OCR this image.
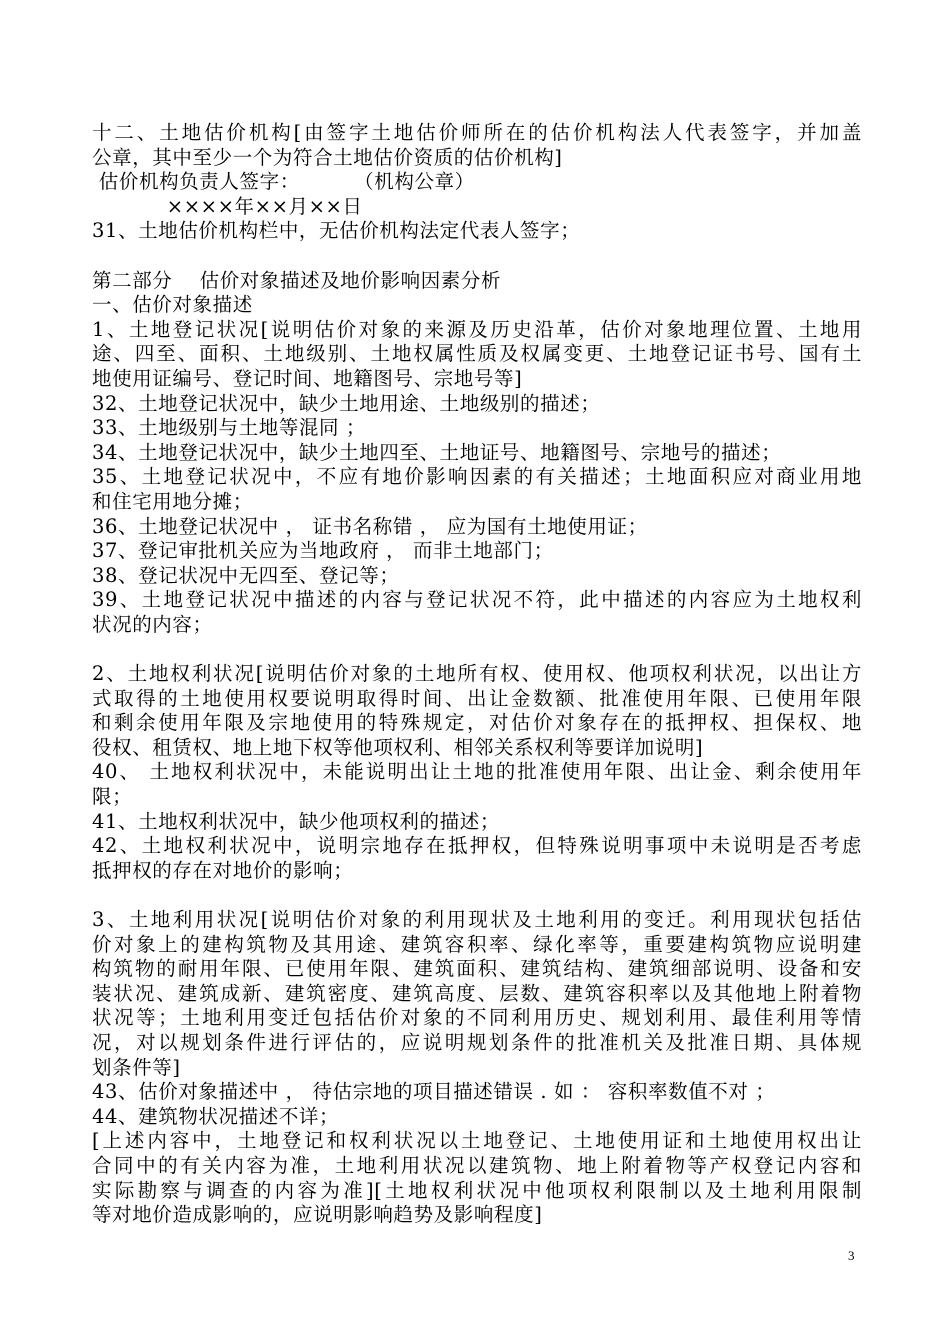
十二、土地估价机构[由签字土地估价师所在的估价机构法人代表签字，并加盖
公章，其中至少一个为符合土地估价资质的估价机构]
估价机构负责人签字：        （机构公章）
××××年××月××日
31、土地估价机构栏中，无估价机构法定代表人签字；
第二部分    估价对象描述及地价影响因素分析
一、估价对象描述
1、土地登记状况[说明估价对象的来源及历史沿革，估价对象地理位置、土地用
途、四至、面积、土地级别、土地权属性质及权属变更、土地登记证书号、国有土
地使用证编号、登记时间、地籍图号、宗地号等]
32、土地登记状况中，缺少土地用途、土地级别的描述；
33、土地级别与土地等混同 ；
34、土地登记状况中，缺少土地四至、土地证号、地籍图号、宗地号的描述；
35、土地登记状况中，不应有地价影响因素的有关描述；土地面积应对商业用地
和住宅用地分摊；
36、土地登记状况中 ， 证书名称错 ， 应为国有土地使用证；
37、登记审批机关应为当地政府 ， 而非土地部门；
38、登记状况中无四至、登记等；
39、土地登记状况中描述的内容与登记状况不符，此中描述的内容应为土地权利
状况的内容；
2、土地权利状况[说明估价对象的土地所有权、使用权、他项权利状况，以出让方
式取得的土地使用权要说明取得时间、出让金数额、批准使用年限、已使用年限
和剩余使用年限及宗地使用的特殊规定，对估价对象存在的抵押权、担保权、地
役权、租赁权、地上地下权等他项权利、相邻关系权利等要详加说明]
40、 土地权利状况中，未能说明出让土地的批准使用年限、出让金、剩余使用年
限；
41、土地权利状况中，缺少他项权利的描述；
42、土地权利状况中，说明宗地存在抵押权，但特殊说明事项中未说明是否考虑
抵押权的存在对地价的影响；
3、土地利用状况[说明估价对象的利用现状及土地利用的变迁。利用现状包括估
价对象上的建构筑物及其用途、建筑容积率、绿化率等，重要建构筑物应说明建
构筑物的耐用年限、已使用年限、建筑面积、建筑结构、建筑细部说明、设备和安
装状况、建筑成新、建筑密度、建筑高度、层数、建筑容积率以及其他地上附着物
状况等；土地利用变迁包括估价对象的不同利用历史、规划利用、最佳利用等情
况，对以规划条件进行评估的，应说明规划条件的批准机关及批准日期、具体规
划条件等]
43、估价对象描述中 ， 待估宗地的项目描述错误 . 如 ： 容积率数值不对 ；
44、建筑物状况描述不详；
[上述内容中，土地登记和权利状况以土地登记、土地使用证和土地使用权出让
合同中的有关内容为准，土地利用状况以建筑物、地上附着物等产权登记内容和
实际勘察与调查的内容为准][土地权利状况中他项权利限制以及土地利用限制
等对地价造成影响的，应说明影响趋势及影响程度]
3
